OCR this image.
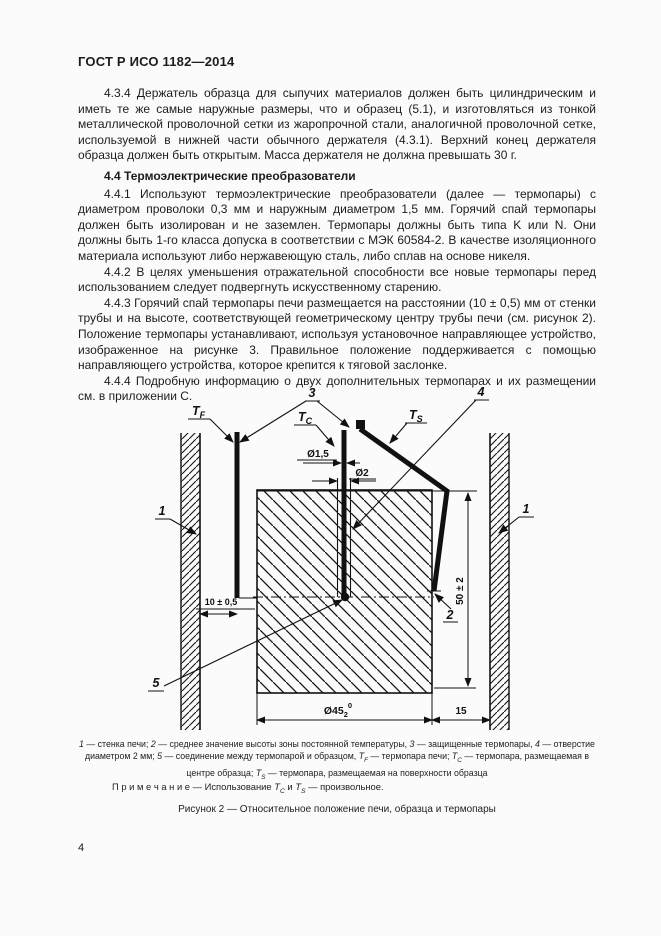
ГОСТ Р ИСО 1182—2014

4.3.4 Держатель образца для сыпучих материалов должен быть цилиндрическим и иметь те же самые наружные размеры, что и образец (5.1), и изготовляться из тонкой металлической проволочной сетки из жаропрочной стали, аналогичной проволочной сетке, используемой в нижней части обычного держателя (4.3.1). Верхний конец держателя образца должен быть открытым. Масса держателя не должна превышать 30 г.

4.4 Термоэлектрические преобразователи

4.4.1 Используют термоэлектрические преобразователи (далее — термопары) с диаметром проволоки 0,3 мм и наружным диаметром 1,5 мм. Горячий спай термопары должен быть изолирован и не заземлен. Термопары должны быть типа K или N. Они должны быть 1-го класса допуска в соответствии с МЭК 60584-2. В качестве изоляционного материала используют либо нержавеющую сталь, либо сплав на основе никеля.

4.4.2 В целях уменьшения отражательной способности все новые термопары перед использованием следует подвергнуть искусственному старению.

4.4.3 Горячий спай термопары печи размещается на расстоянии (10 ± 0,5) мм от стенки трубы и на высоте, соответствующей геометрическому центру трубы печи (см. рисунок 2). Положение термопары устанавливают, используя установочное направляющее устройство, изображенное на рисунке 3. Правильное положение поддерживается с помощью направляющего устройства, которое крепится к тяговой заслонке.

4.4.4 Подробную информацию о двух дополнительных термопарах и их размещении см. в приложении С.

50 ± 2
10 ± 0,5
Ø1,5
Ø2
$Ø45_2^0$
15
3	4
$T_F$	$T_C$	$T_S$
1	1
2
5
1 — стенка печи; 2 — среднее значение высоты зоны постоянной температуры, 3 — защищенные термопары, 4 — отверстие диаметром 2 мм; 5 — соединение между термопарой и образцом, $T_F$ — термопара печи; $T_C$ — термопара, размещаемая в центре образца; $T_S$ — термопара, размещаемая на поверхности образца
П р и м е ч а н и е — Использование $T_C$ и $T_S$ — произвольное.
Рисунок 2 — Относительное положение печи, образца и термопары
4
